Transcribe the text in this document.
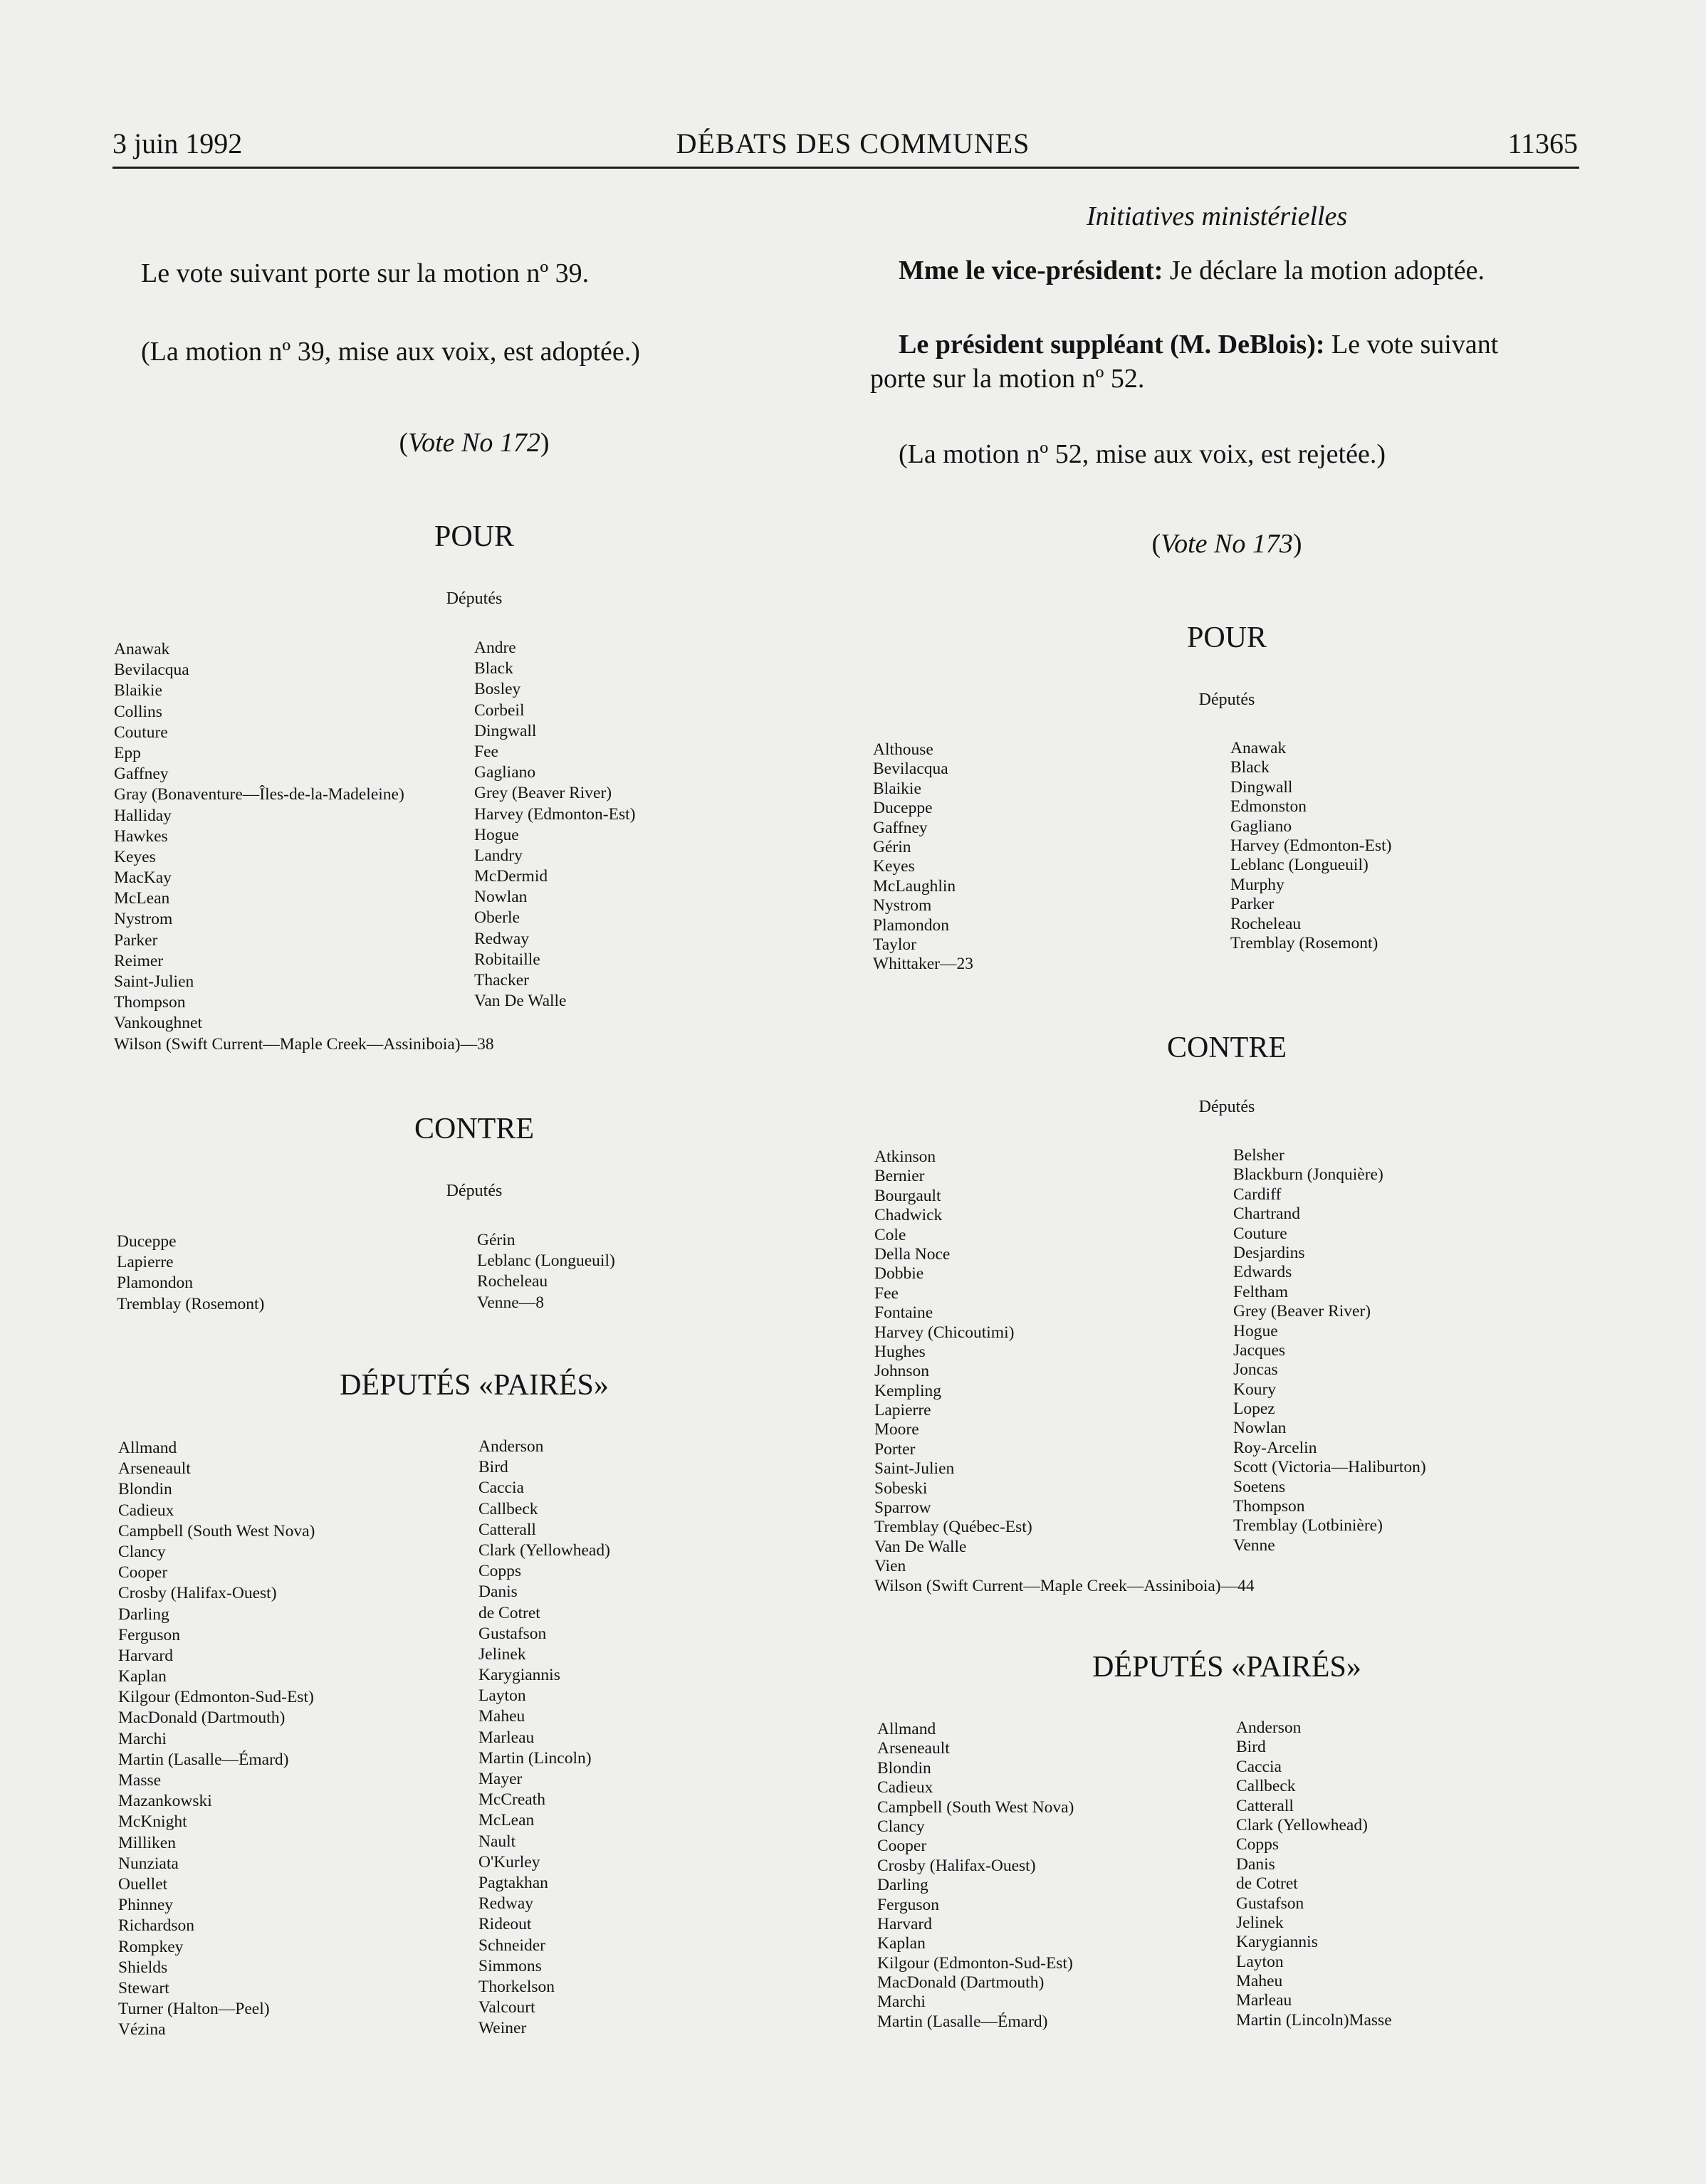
3 juin 1992	DÉBATS DES COMMUNES	11365
Le vote suivant porte sur la motion nº 39.
(La motion nº 39, mise aux voix, est adoptée.)
(Vote No 172)
POUR
Députés
Anawak
Bevilacqua
Blaikie
Collins
Couture
Epp
Gaffney
Gray (Bonaventure—Îles-de-la-Madeleine)
Halliday
Hawkes
Keyes
MacKay
McLean
Nystrom
Parker
Reimer
Saint-Julien
Thompson
Vankoughnet
Wilson (Swift Current—Maple Creek—Assiniboia)—38
Andre
Black
Bosley
Corbeil
Dingwall
Fee
Gagliano
Grey (Beaver River)
Harvey (Edmonton-Est)
Hogue
Landry
McDermid
Nowlan
Oberle
Redway
Robitaille
Thacker
Van De Walle
CONTRE
Députés
Duceppe
Lapierre
Plamondon
Tremblay (Rosemont)
Gérin
Leblanc (Longueuil)
Rocheleau
Venne—8
DÉPUTÉS «PAIRÉS»
Allmand
Arseneault
Blondin
Cadieux
Campbell (South West Nova)
Clancy
Cooper
Crosby (Halifax-Ouest)
Darling
Ferguson
Harvard
Kaplan
Kilgour (Edmonton-Sud-Est)
MacDonald (Dartmouth)
Marchi
Martin (Lasalle—Émard)
Masse
Mazankowski
McKnight
Milliken
Nunziata
Ouellet
Phinney
Richardson
Rompkey
Shields
Stewart
Turner (Halton—Peel)
Vézina
Anderson
Bird
Caccia
Callbeck
Catterall
Clark (Yellowhead)
Copps
Danis
de Cotret
Gustafson
Jelinek
Karygiannis
Layton
Maheu
Marleau
Martin (Lincoln)
Mayer
McCreath
McLean
Nault
O'Kurley
Pagtakhan
Redway
Rideout
Schneider
Simmons
Thorkelson
Valcourt
Weiner
Initiatives ministérielles
Mme le vice-président: Je déclare la motion adoptée.
Le président suppléant (M. DeBlois): Le vote suivant
porte sur la motion nº 52.
(La motion nº 52, mise aux voix, est rejetée.)
(Vote No 173)
POUR
Députés
Althouse
Bevilacqua
Blaikie
Duceppe
Gaffney
Gérin
Keyes
McLaughlin
Nystrom
Plamondon
Taylor
Whittaker—23
Anawak
Black
Dingwall
Edmonston
Gagliano
Harvey (Edmonton-Est)
Leblanc (Longueuil)
Murphy
Parker
Rocheleau
Tremblay (Rosemont)
CONTRE
Députés
Atkinson
Bernier
Bourgault
Chadwick
Cole
Della Noce
Dobbie
Fee
Fontaine
Harvey (Chicoutimi)
Hughes
Johnson
Kempling
Lapierre
Moore
Porter
Saint-Julien
Sobeski
Sparrow
Tremblay (Québec-Est)
Van De Walle
Vien
Wilson (Swift Current—Maple Creek—Assiniboia)—44
Belsher
Blackburn (Jonquière)
Cardiff
Chartrand
Couture
Desjardins
Edwards
Feltham
Grey (Beaver River)
Hogue
Jacques
Joncas
Koury
Lopez
Nowlan
Roy-Arcelin
Scott (Victoria—Haliburton)
Soetens
Thompson
Tremblay (Lotbinière)
Venne
DÉPUTÉS «PAIRÉS»
Allmand
Arseneault
Blondin
Cadieux
Campbell (South West Nova)
Clancy
Cooper
Crosby (Halifax-Ouest)
Darling
Ferguson
Harvard
Kaplan
Kilgour (Edmonton-Sud-Est)
MacDonald (Dartmouth)
Marchi
Martin (Lasalle—Émard)
Anderson
Bird
Caccia
Callbeck
Catterall
Clark (Yellowhead)
Copps
Danis
de Cotret
Gustafson
Jelinek
Karygiannis
Layton
Maheu
Marleau
Martin (Lincoln)Masse
